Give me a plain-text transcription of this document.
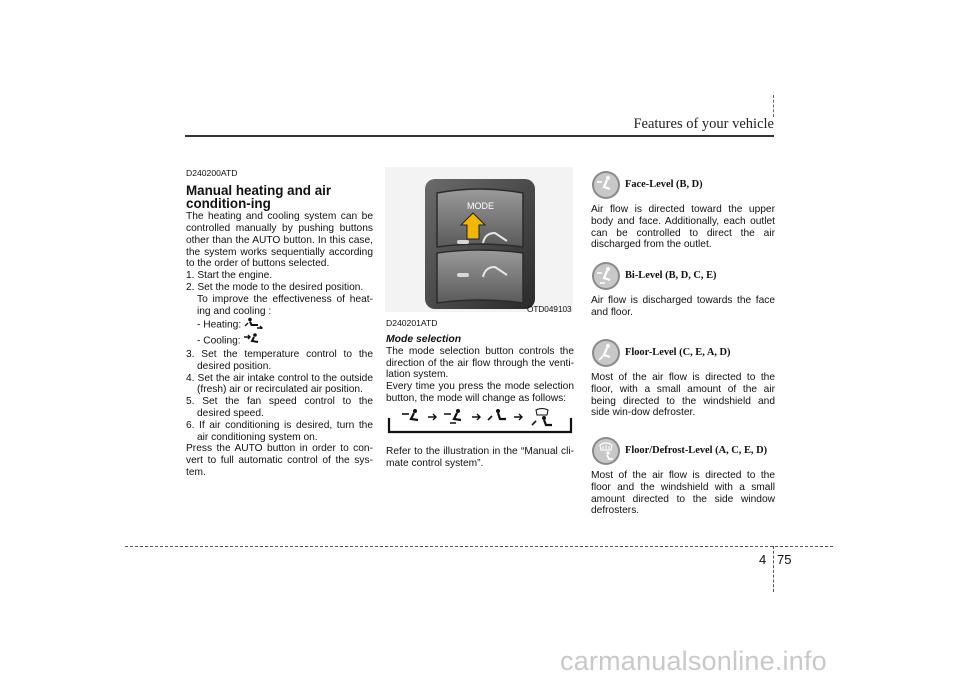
Features of your vehicle
D240200ATD
Manual heating and air condition-ing

The heating and cooling system can be controlled manually by pushing buttons other than the AUTO button. In this case, the system works sequentially according to the order of buttons selected.

1. Start the engine.

2. Set the mode to the desired position.

To improve the effectiveness of heat-ing and cooling :

- Heating:

- Cooling:

3. Set the temperature control to the desired position.

4. Set the air intake control to the outside (fresh) air or recirculated air position.

5. Set the fan speed control to the desired speed.

6. If air conditioning is desired, turn the air conditioning system on.

Press the AUTO button in order to con-vert to full automatic control of the sys-tem.

MODE
OTD049103
D240201ATD
Mode selection

The mode selection button controls the direction of the air flow through the venti-lation system.

Every time you press the mode selection button, the mode will change as follows:

Refer to the illustration in the “Manual cli-mate control system”.

Face-Level (B, D)
Air flow is directed toward the upper body and face. Additionally, each outlet can be controlled to direct the air discharged from the outlet.
Bi-Level (B, D, C, E)
Air flow is discharged towards the face and floor.
Floor-Level (C, E, A, D)
Most of the air flow is directed to the floor, with a small amount of the air being directed to the windshield and side win-dow defroster.
Floor/Defrost-Level (A, C, E, D)
Most of the air flow is directed to the floor and the windshield with a small amount directed to the side window defrosters.
4 75
carmanualsonline.info
